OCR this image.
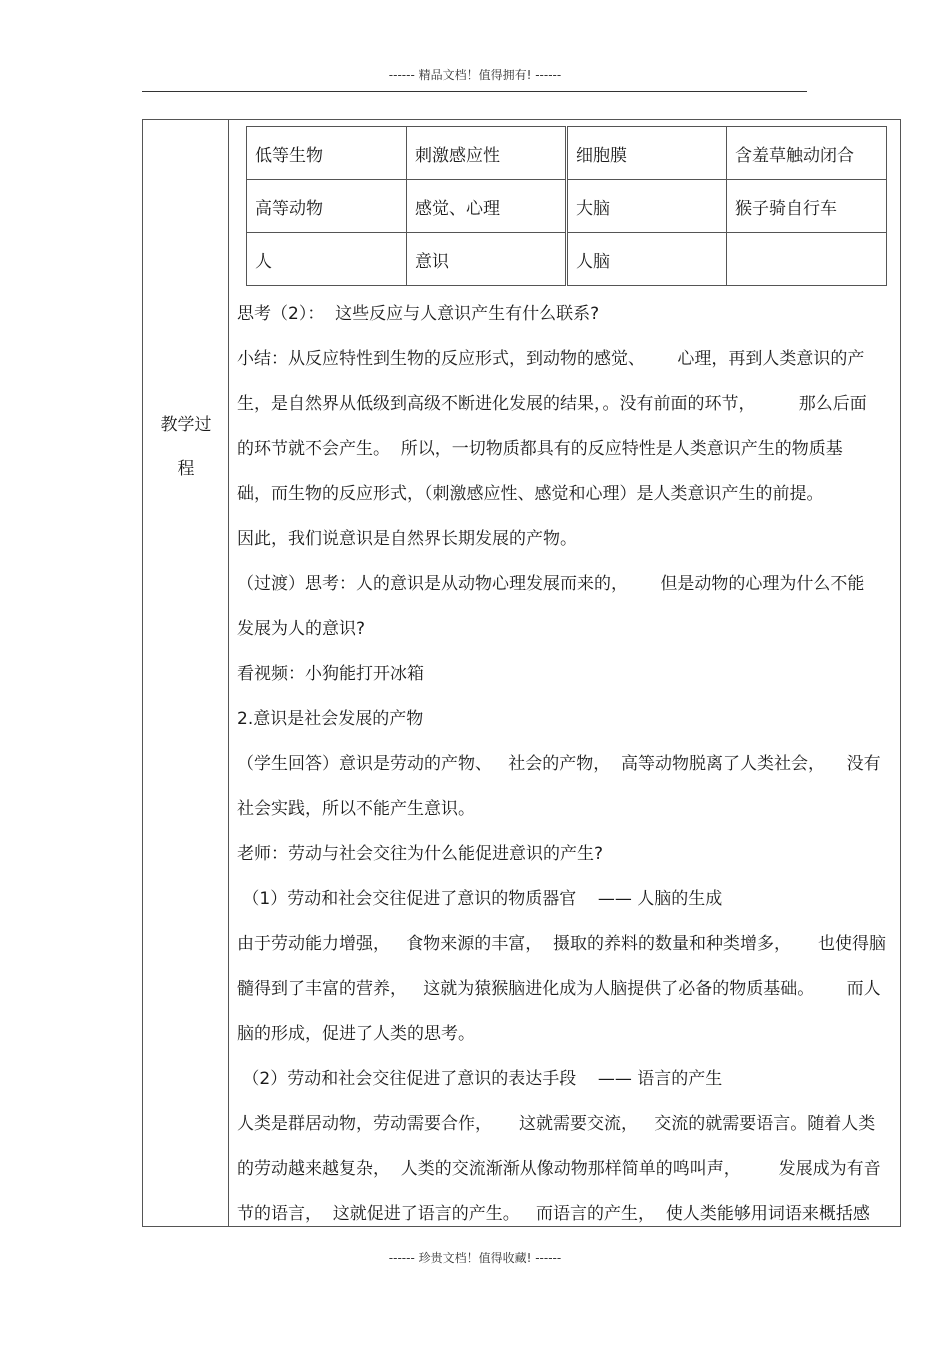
------ 精品文档！值得拥有! ------
教学过
程
低等生物	刺激感应性	细胞膜	含羞草触动闭合
高等动物	感觉、心理	大脑	猴子骑自行车
人	意识	人脑	
思考（2）：  这些反应与人意识产生有什么联系?
小结：从反应特性到生物的反应形式，到动物的感觉、      心理，再到人类意识的产
生，是自然界从低级到高级不断进化发展的结果，。没有前面的环节，        那么后面
的环节就不会产生。  所以，一切物质都具有的反应特性是人类意识产生的物质基
础，而生物的反应形式，（刺激感应性、感觉和心理）是人类意识产生的前提。
因此，我们说意识是自然界长期发展的产物。
（过渡）思考：人的意识是从动物心理发展而来的，      但是动物的心理为什么不能
发展为人的意识?
看视频：小狗能打开冰箱
2.意识是社会发展的产物
（学生回答）意识是劳动的产物、   社会的产物，  高等动物脱离了人类社会，    没有
社会实践，所以不能产生意识。
老师：劳动与社会交往为什么能促进意识的产生?
（1）劳动和社会交往促进了意识的物质器官    —— 人脑的生成
由于劳动能力增强，   食物来源的丰富，  摄取的养料的数量和种类增多，     也使得脑
髓得到了丰富的营养，   这就为猿猴脑进化成为人脑提供了必备的物质基础。      而人
脑的形成，促进了人类的思考。
（2）劳动和社会交往促进了意识的表达手段    —— 语言的产生
人类是群居动物，劳动需要合作，     这就需要交流，   交流的就需要语言。随着人类
的劳动越来越复杂，  人类的交流渐渐从像动物那样简单的鸣叫声，       发展成为有音
节的语言，  这就促进了语言的产生。   而语言的产生，  使人类能够用词语来概括感
------ 珍贵文档！值得收藏! ------
